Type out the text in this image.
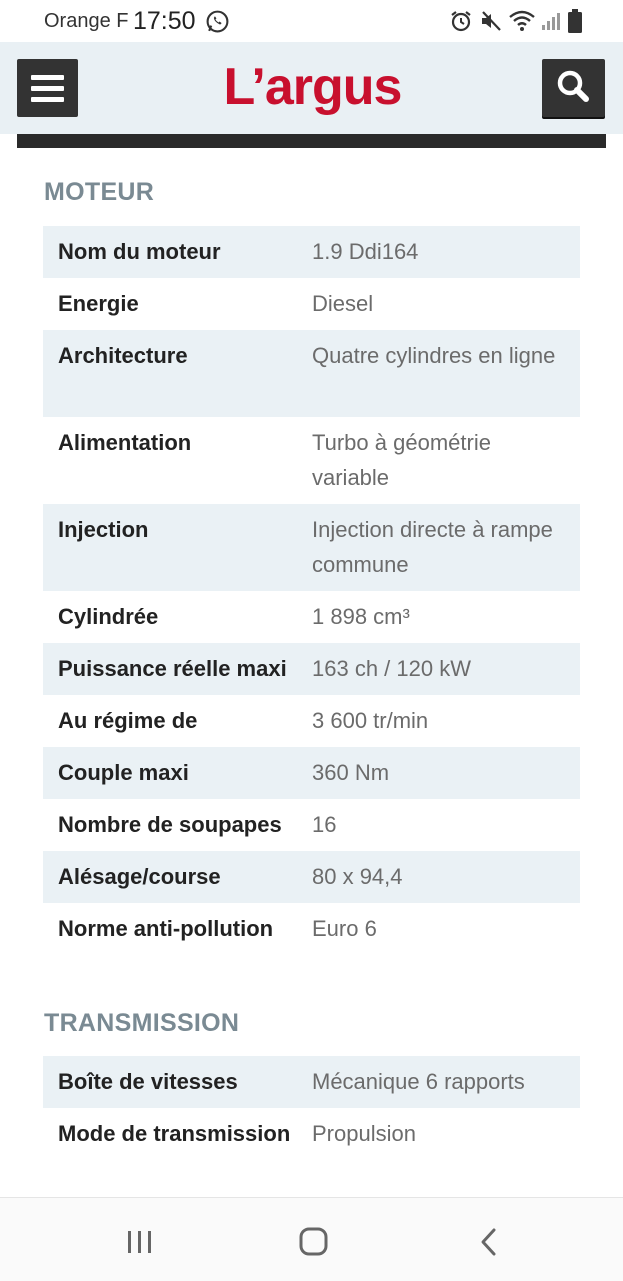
Orange F 17:50
L’argus
MOTEUR
Nom du moteur	1.9 Ddi164
Energie	Diesel
Architecture	Quatre cylindres en ligne
Alimentation	Turbo à géométrie variable
Injection	Injection directe à rampe commune
Cylindrée	1 898 cm³
Puissance réelle maxi 163 ch / 120 kW
Au régime de	3 600 tr/min
Couple maxi	360 Nm
Nombre de soupapes 16
Alésage/course	80 x 94,4
Norme anti-pollution Euro 6
TRANSMISSION
Boîte de vitesses	Mécanique 6 rapports
Mode de transmission Propulsion
